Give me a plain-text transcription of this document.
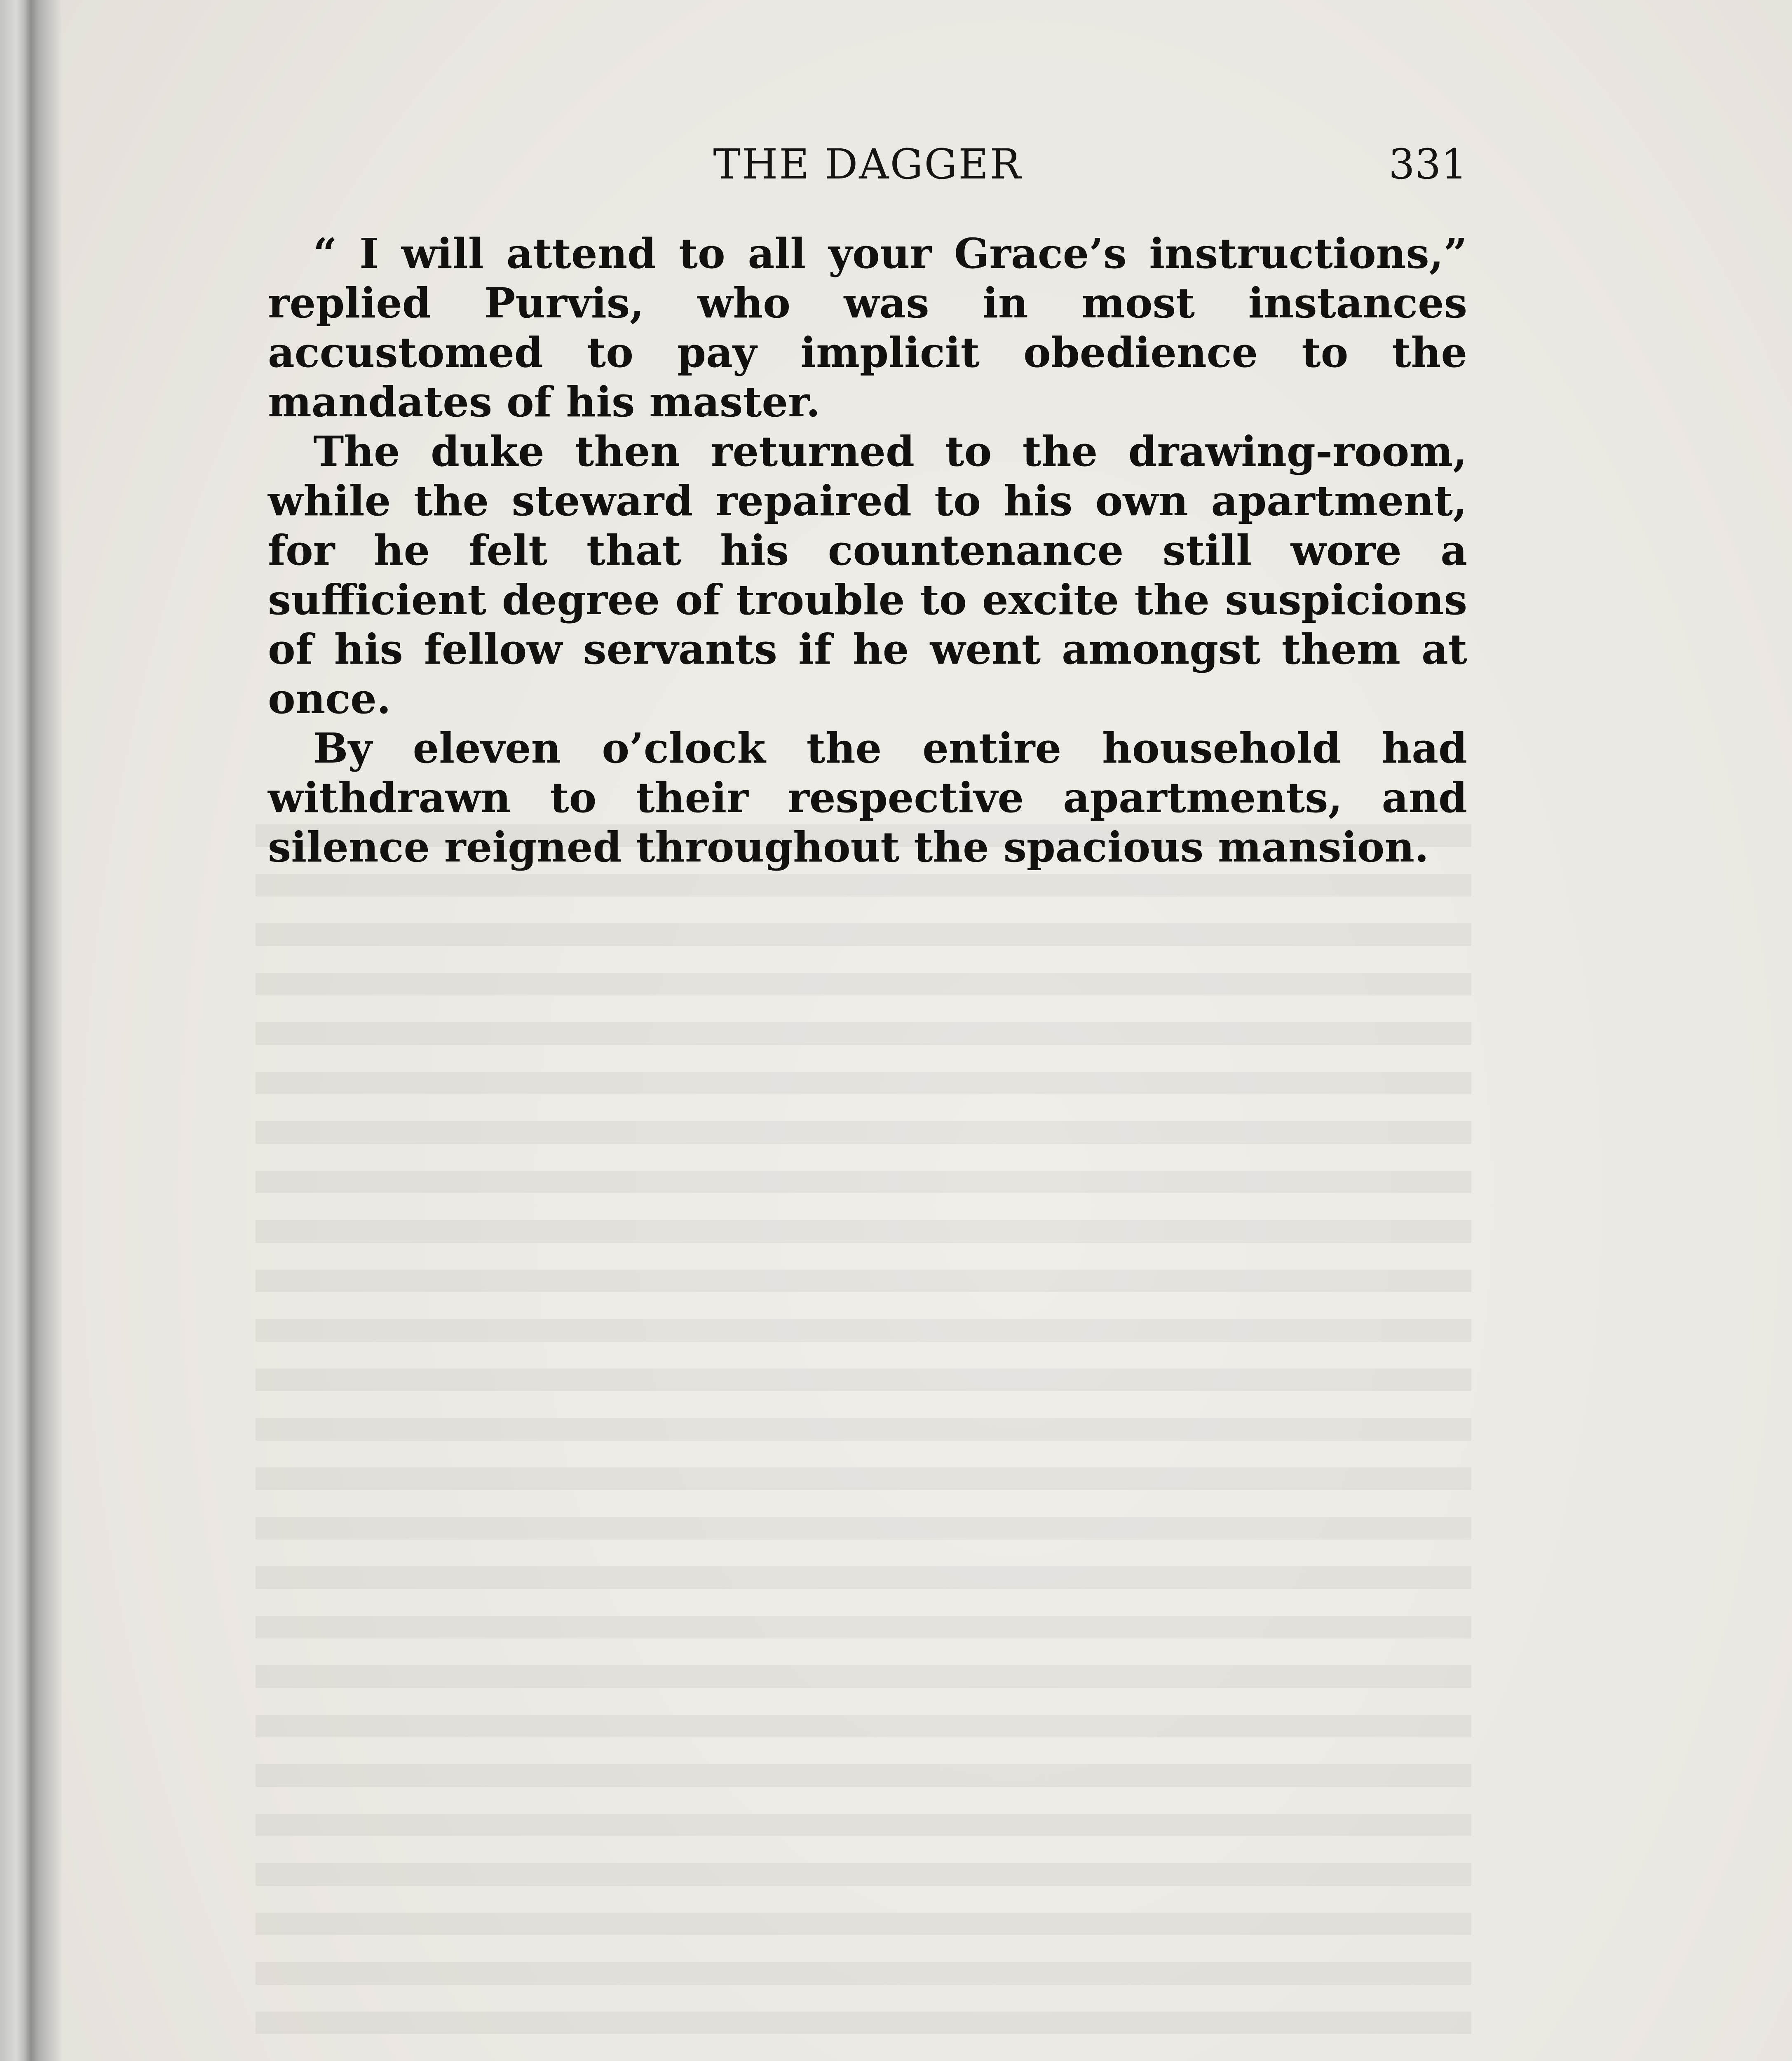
THE DAGGER	331

“ I will attend to all your Grace’s instructions,” replied Purvis, who was in most instances accustomed to pay implicit obedience to the mandates of his master.

The duke then returned to the drawing-room, while the steward repaired to his own apartment, for he felt that his countenance still wore a sufficient degree of trouble to excite the suspicions of his fellow servants if he went amongst them at once.

By eleven o’clock the entire household had withdrawn to their respective apartments, and silence reigned throughout the spacious mansion.
